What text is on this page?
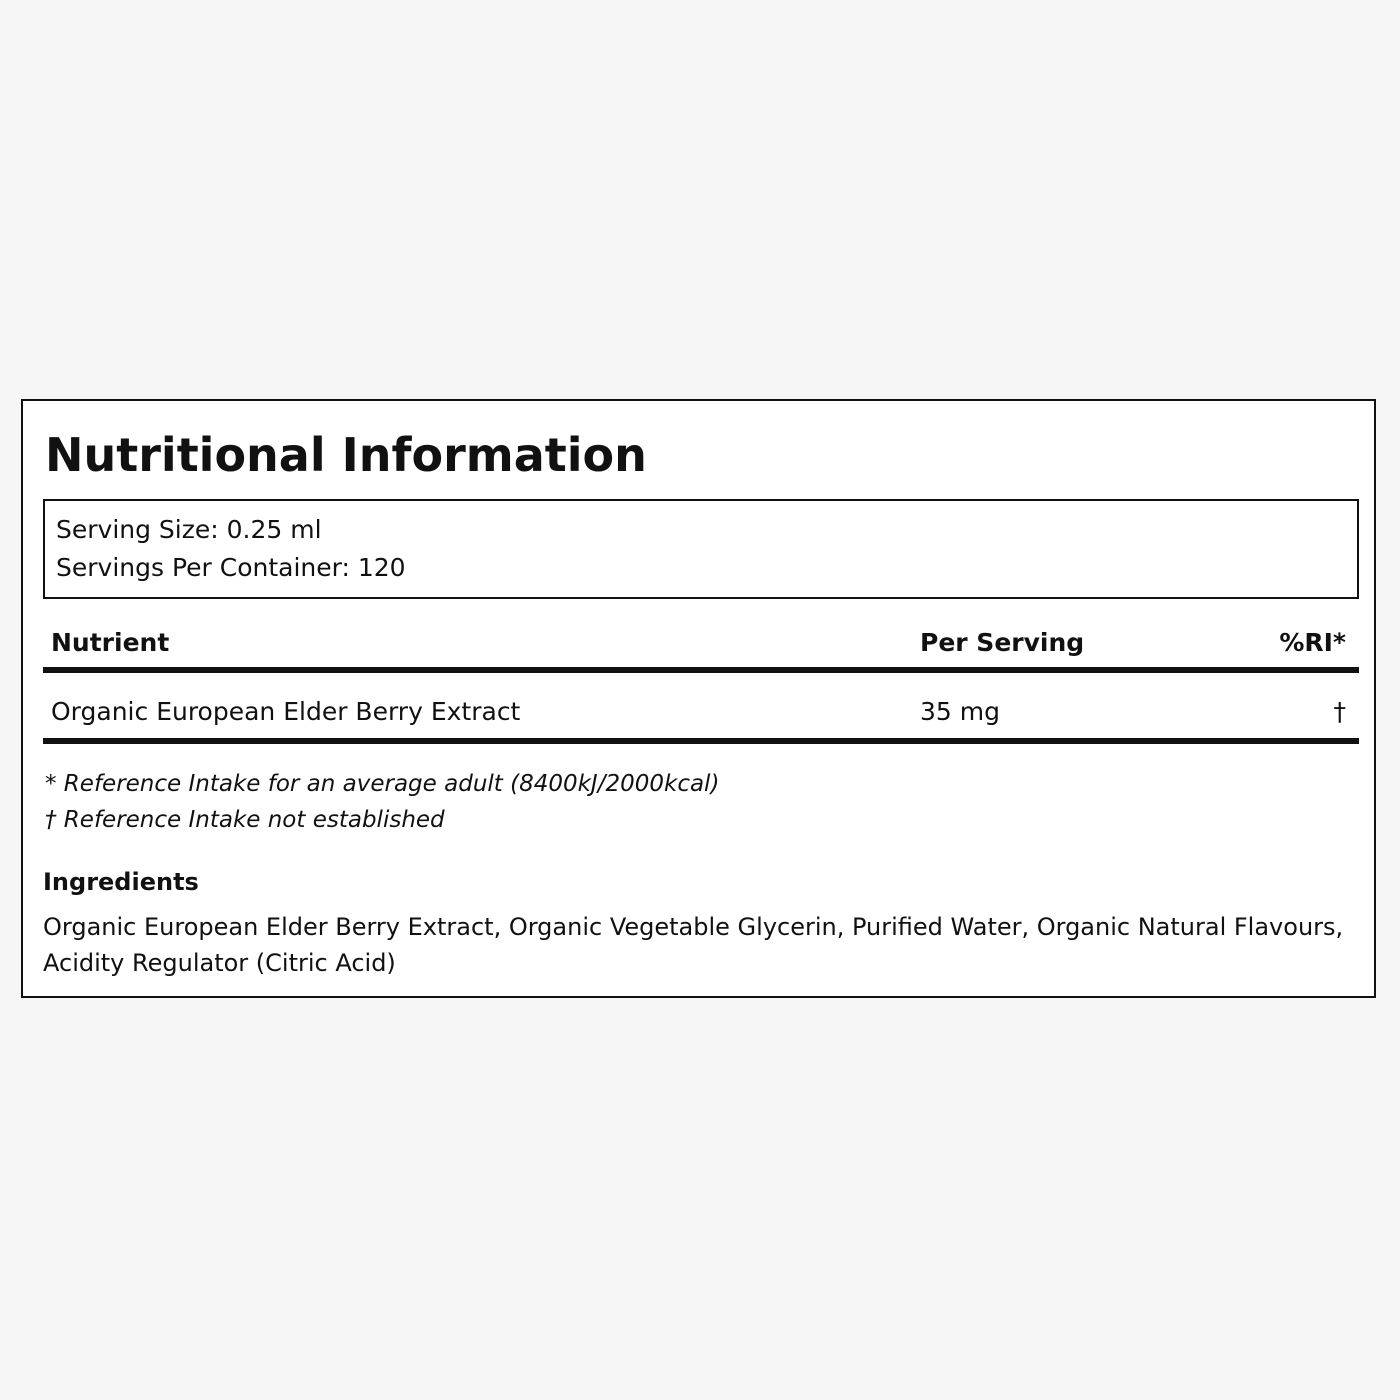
Nutritional Information
Serving Size: 0.25 ml
Servings Per Container: 120
Nutrient	Per Serving	%RI*
Organic European Elder Berry Extract	35 mg	†
* Reference Intake for an average adult (8400kJ/2000kcal)
† Reference Intake not established
Ingredients
Organic European Elder Berry Extract, Organic Vegetable Glycerin, Purified Water, Organic Natural Flavours, Acidity Regulator (Citric Acid)
